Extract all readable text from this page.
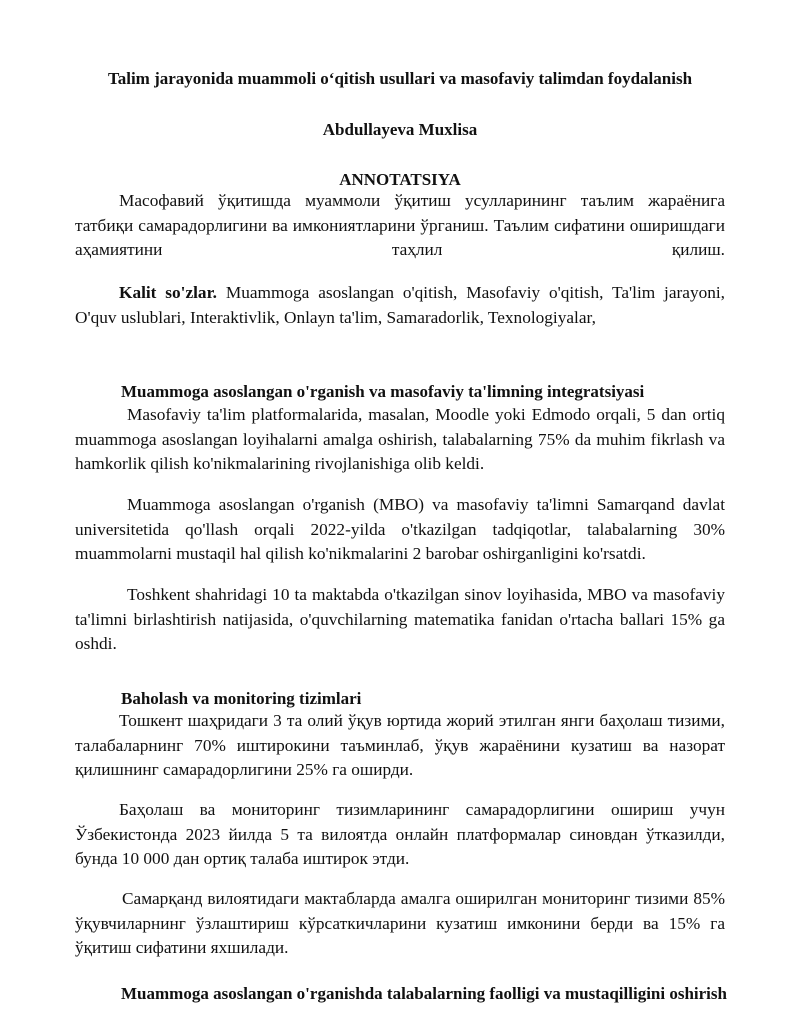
Talim jarayonida muammoli o‘qitish usullari va masofaviy talimdan foydalanish
Abdullayeva Muxlisa
ANNOTATSIYA
Масофавий ўқитишда муаммоли ўқитиш усулларининг таълим жараёнига татбиқи самарадорлигини ва имкониятларини ўрганиш. Таълим сифатини оширишдаги аҳамиятини таҳлил қилиш.
Kalit so'zlar. Muammoga asoslangan o'qitish, Masofaviy o'qitish, Ta'lim jarayoni, O'quv uslublari, Interaktivlik, Onlayn ta'lim, Samaradorlik, Texnologiyalar,
Muammoga asoslangan o'rganish va masofaviy ta'limning integratsiyasi
Masofaviy ta'lim platformalarida, masalan, Moodle yoki Edmodo orqali, 5 dan ortiq muammoga asoslangan loyihalarni amalga oshirish, talabalarning 75% da muhim fikrlash va hamkorlik qilish ko'nikmalarining rivojlanishiga olib keldi.
Muammoga asoslangan o'rganish (MBO) va masofaviy ta'limni Samarqand davlat universitetida qo'llash orqali 2022-yilda o'tkazilgan tadqiqotlar, talabalarning 30% muammolarni mustaqil hal qilish ko'nikmalarini 2 barobar oshirganligini ko'rsatdi.
Toshkent shahridagi 10 ta maktabda o'tkazilgan sinov loyihasida, MBO va masofaviy ta'limni birlashtirish natijasida, o'quvchilarning matematika fanidan o'rtacha ballari 15% ga oshdi.
Baholash va monitoring tizimlari
Тошкент шаҳридаги 3 та олий ўқув юртида жорий этилган янги баҳолаш тизими, талабаларнинг 70% иштирокини таъминлаб, ўқув жараёнини кузатиш ва назорат қилишнинг самарадорлигини 25% га оширди.
Баҳолаш ва мониторинг тизимларининг самарадорлигини ошириш учун Ўзбекистонда 2023 йилда 5 та вилоятда онлайн платформалар синовдан ўтказилди, бунда 10 000 дан ортиқ талаба иштирок этди.
Самарқанд вилоятидаги мактабларда амалга оширилган мониторинг тизими 85% ўқувчиларнинг ўзлаштириш кўрсаткичларини кузатиш имконини берди ва 15% га ўқитиш сифатини яхшилади.
Muammoga asoslangan o'rganishda talabalarning faolligi va mustaqilligini oshirish
